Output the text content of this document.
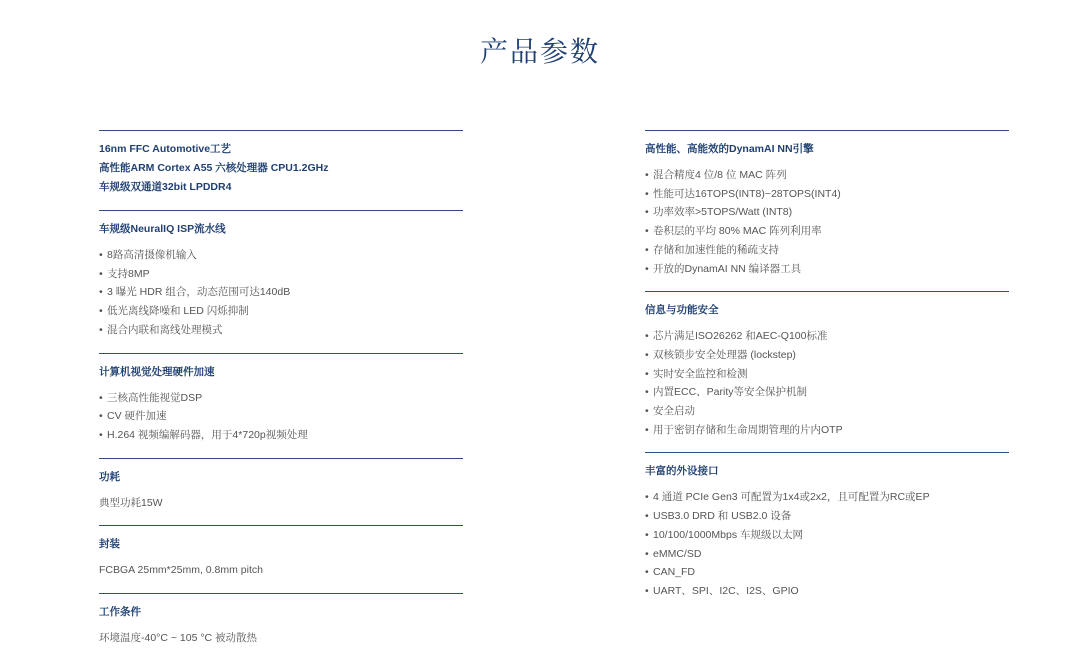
产品参数
16nm FFC Automotive工艺
高性能ARM Cortex A55 六核处理器 CPU1.2GHz
车规级双通道32bit LPDDR4
车规级NeuralIQ ISP流水线
• 8路高清摄像机输入
• 支持8MP
• 3 曝光 HDR 组合，动态范围可达140dB
• 低光离线降噪和 LED 闪烁抑制
• 混合内联和离线处理模式
计算机视觉处理硬件加速
• 三核高性能视觉DSP
• CV 硬件加速
• H.264 视频编解码器，用于4*720p视频处理
功耗
典型功耗15W
封装
FCBGA 25mm*25mm, 0.8mm pitch
工作条件
环境温度-40°C ~ 105 °C 被动散热
高性能、高能效的DynamAI NN引擎
• 混合精度4 位/8 位 MAC 阵列
• 性能可达16TOPS(INT8)~28TOPS(INT4)
• 功率效率>5TOPS/Watt (INT8)
• 卷积层的平均 80% MAC 阵列利用率
• 存储和加速性能的稀疏支持
• 开放的DynamAI NN 编译器工具
信息与功能安全
• 芯片满足ISO26262 和AEC-Q100标准
• 双核锁步安全处理器 (lockstep)
• 实时安全监控和检测
• 内置ECC、Parity等安全保护机制
• 安全启动
• 用于密钥存储和生命周期管理的片内OTP
丰富的外设接口
• 4 通道 PCIe Gen3 可配置为1x4或2x2，且可配置为RC或EP
• USB3.0 DRD 和 USB2.0 设备
• 10/100/1000Mbps 车规级以太网
• eMMC/SD
• CAN_FD
• UART、SPI、I2C、I2S、GPIO
